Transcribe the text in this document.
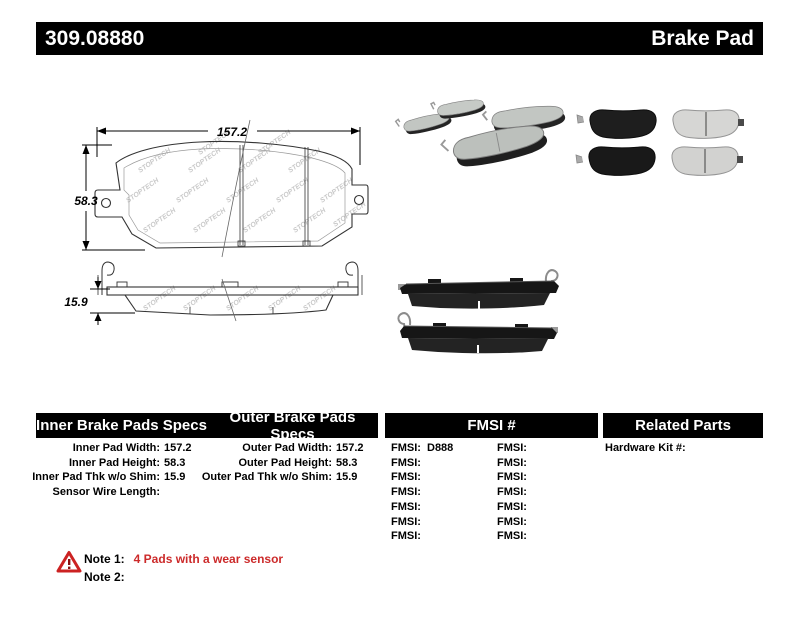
309.08880	Brake Pad
STOPTECH
157.2
58.3
15.9
Inner Brake Pads Specs	Outer Brake Pads Specs	FMSI #	Related Parts
Inner Pad Width: 157.2
Inner Pad Height: 58.3
Inner Pad Thk w/o Shim: 15.9
Sensor Wire Length:
Outer Pad Width: 157.2
Outer Pad Height: 58.3
Outer Pad Thk w/o Shim: 15.9
FMSI: D888
FMSI:
FMSI:
FMSI:
FMSI:
FMSI:
FMSI:
FMSI:
FMSI:
FMSI:
FMSI:
FMSI:
FMSI:
FMSI:
Hardware Kit #:
Note 1: 4 Pads with a wear sensor
Note 2:
